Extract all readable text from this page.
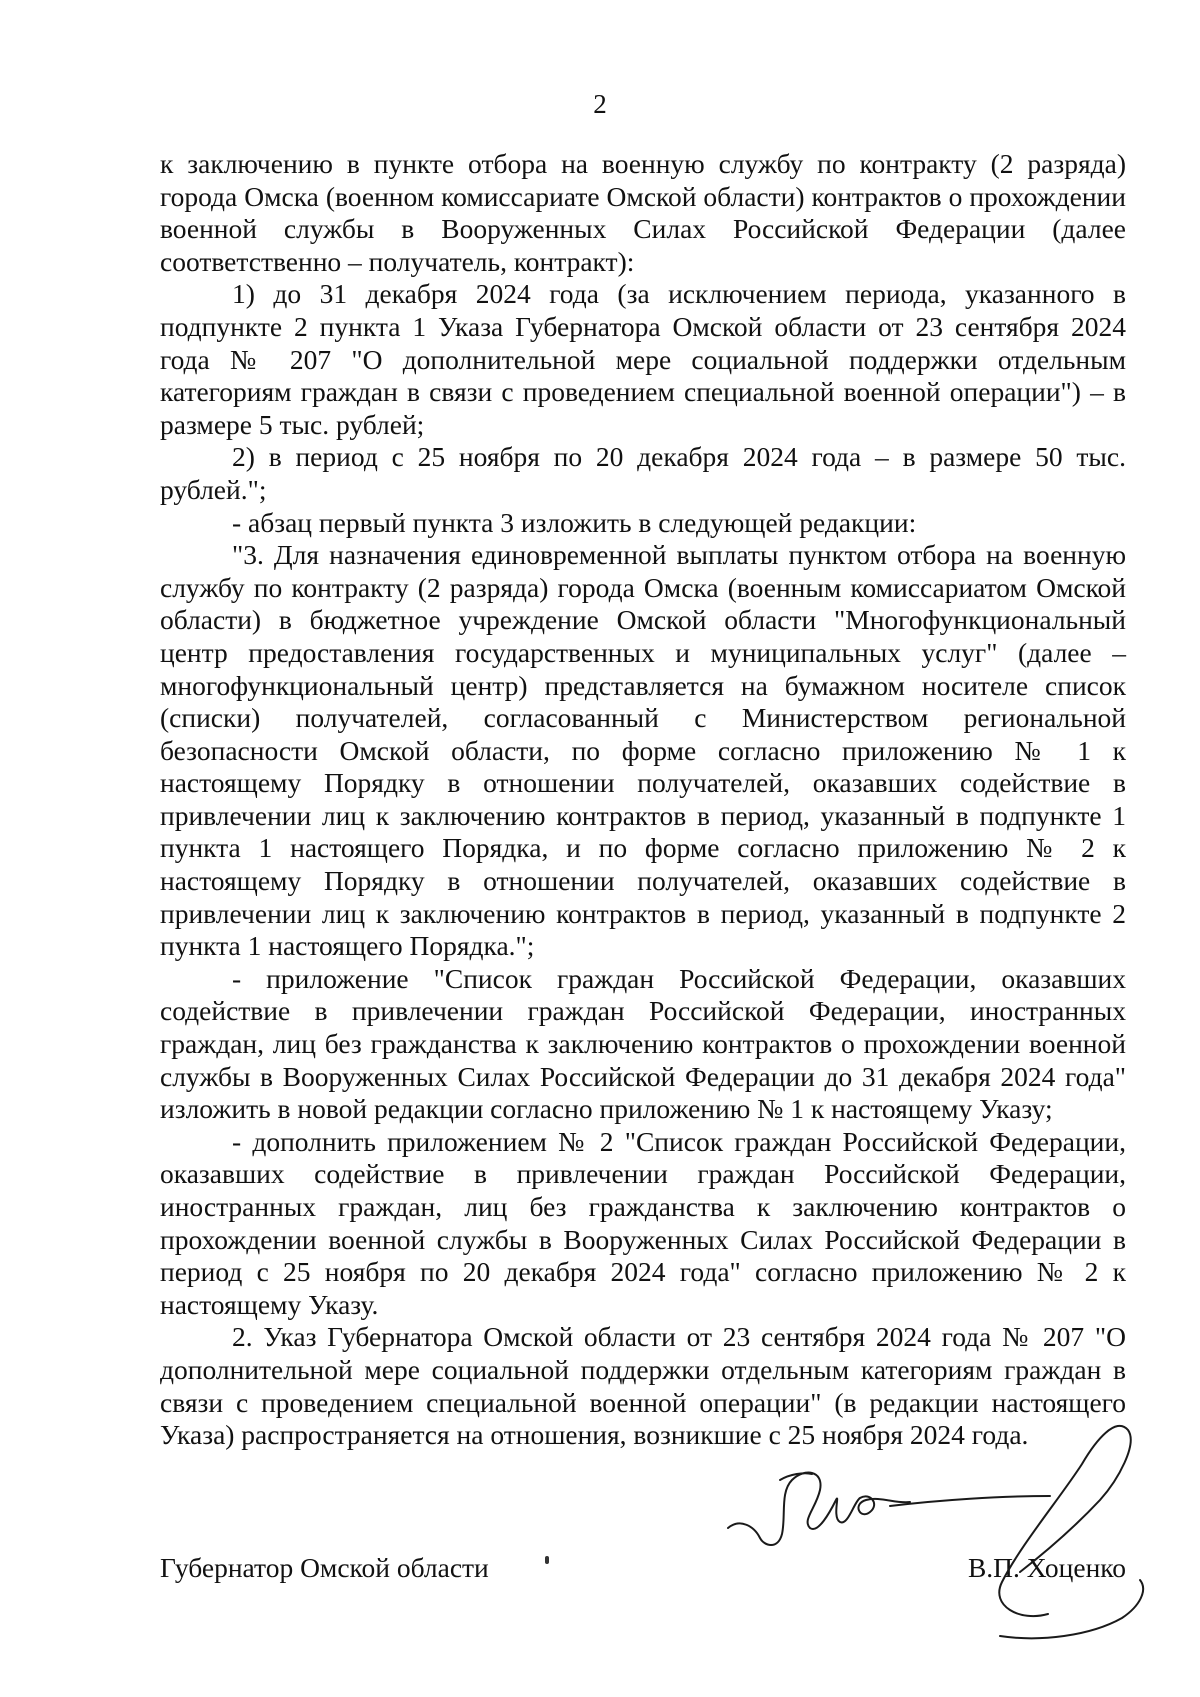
2

к заключению в пункте отбора на военную службу по контракту (2 разряда) города Омска (военном комиссариате Омской области) контрактов о прохождении военной службы в Вооруженных Силах Российской Федерации (далее соответственно – получатель, контракт):

1) до 31 декабря 2024 года (за исключением периода, указанного в подпункте 2 пункта 1 Указа Губернатора Омской области от 23 сентября 2024 года № 207 "О дополнительной мере социальной поддержки отдельным категориям граждан в связи с проведением специальной военной операции") – в размере 5 тыс. рублей;

2) в период с 25 ноября по 20 декабря 2024 года – в размере 50 тыс. рублей.";

- абзац первый пункта 3 изложить в следующей редакции:

"3. Для назначения единовременной выплаты пунктом отбора на военную службу по контракту (2 разряда) города Омска (военным комиссариатом Омской области) в бюджетное учреждение Омской области "Многофункциональный центр предоставления государственных и муниципальных услуг" (далее – многофункциональный центр) представляется на бумажном носителе список (списки) получателей, согласованный с Министерством региональной безопасности Омской области, по форме согласно приложению № 1 к настоящему Порядку в отношении получателей, оказавших содействие в привлечении лиц к заключению контрактов в период, указанный в подпункте 1 пункта 1 настоящего Порядка, и по форме согласно приложению № 2 к настоящему Порядку в отношении получателей, оказавших содействие в привлечении лиц к заключению контрактов в период, указанный в подпункте 2 пункта 1 настоящего Порядка.";

- приложение "Список граждан Российской Федерации, оказавших содействие в привлечении граждан Российской Федерации, иностранных граждан, лиц без гражданства к заключению контрактов о прохождении военной службы в Вооруженных Силах Российской Федерации до 31 декабря 2024 года" изложить в новой редакции согласно приложению № 1 к настоящему Указу;

- дополнить приложением № 2 "Список граждан Российской Федерации, оказавших содействие в привлечении граждан Российской Федерации, иностранных граждан, лиц без гражданства к заключению контрактов о прохождении военной службы в Вооруженных Силах Российской Федерации в период с 25 ноября по 20 декабря 2024 года" согласно приложению № 2 к настоящему Указу.

2. Указ Губернатора Омской области от 23 сентября 2024 года № 207 "О дополнительной мере социальной поддержки отдельным категориям граждан в связи с проведением специальной военной операции" (в редакции настоящего Указа) распространяется на отношения, возникшие с 25 ноября 2024 года.

Губернатор Омской области	В.П. Хоценко
